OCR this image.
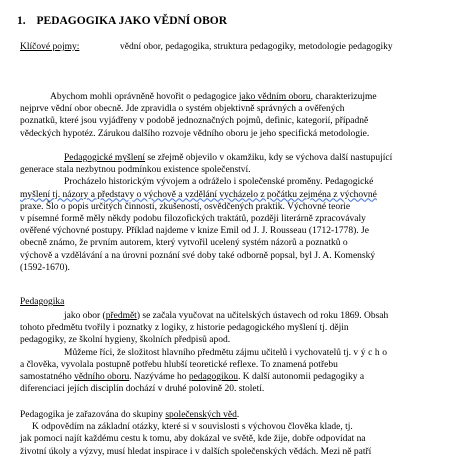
1. PEDAGOGIKA JAKO VĚDNÍ OBOR
Klíčové pojmy:	vědní obor, pedagogika, struktura pedagogiky, metodologie pedagogiky
Abychom mohli oprávněně hovořit o pedagogice jako vědním oboru, charakterizujme
nejprve vědní obor obecně. Jde zpravidla o systém objektivně správných a ověřených
poznatků, které jsou vyjádřeny v podobě jednoznačných pojmů, definic, kategorií, případně
vědeckých hypotéz. Zárukou dalšího rozvoje vědního oboru je jeho specifická metodologie.
Pedagogické myšlení se zřejmě objevilo v okamžiku, kdy se výchova další nastupující
generace stala nezbytnou podmínkou existence společenství.
Procházelo historickým vývojem a odráželo i společenské proměny. Pedagogické
myšlení tj. názory a představy o výchově a vzdělání vycházelo z počátku zejména z výchovné
praxe. Šlo o popis určitých činností, zkušeností, osvědčených praktik. Výchovné teorie
v písemné formě měly někdy podobu filozofických traktátů, později literárně zpracovávaly
ověřené výchovné postupy. Příklad najdeme v knize Emil od J. J. Rousseau (1712-1778). Je
obecně známo, že prvním autorem, který vytvořil ucelený systém názorů a poznatků o
výchově a vzdělávání a na úrovni poznání své doby také odborně popsal, byl J. A. Komenský
(1592-1670).
Pedagogika
jako obor (předmět) se začala vyučovat na učitelských ústavech od roku 1869. Obsah
tohoto předmětu tvořily i poznatky z logiky, z historie pedagogického myšlení tj. dějin
pedagogiky, ze školní hygieny, školních předpisů apod.
Můžeme říci, že složitost hlavního předmětu zájmu učitelů i vychovatelů tj. výcho
a člověka, vyvolala postupně potřebu hlubší teoretické reflexe. To znamená potřebu
samostatného vědního oboru. Nazýváme ho pedagogikou. K další autonomii pedagogiky a
diferenciaci jejích disciplín dochází v druhé polovině 20. století.
Pedagogika je zařazována do skupiny společenských věd.
K odpovědím na základní otázky, které si v souvislosti s výchovou člověka klade, tj.
jak pomoci najít každému cestu k tomu, aby dokázal ve světě, kde žije, dobře odpovídat na
životní úkoly a výzvy, musí hledat inspirace i v dalších společenských vědách. Mezi ně patří
